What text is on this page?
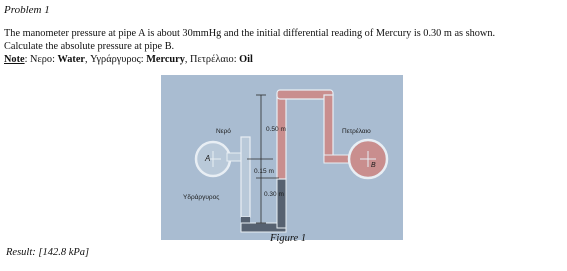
Problem 1

The manometer pressure at pipe A is about 30mmHg and the initial differential reading of Mercury is 0.30 m as shown.

Calculate the absolute pressure at pipe B.

Note: Νερο: Water, Υγράργυρος: Mercury, Πετρέλαιο: Oil

A
B
0.50 m
0.15 m
0.30 m
Νερό	Πετρέλαιο
Υδράργυρος
Figure 1
Result: [142.8 kPa]
